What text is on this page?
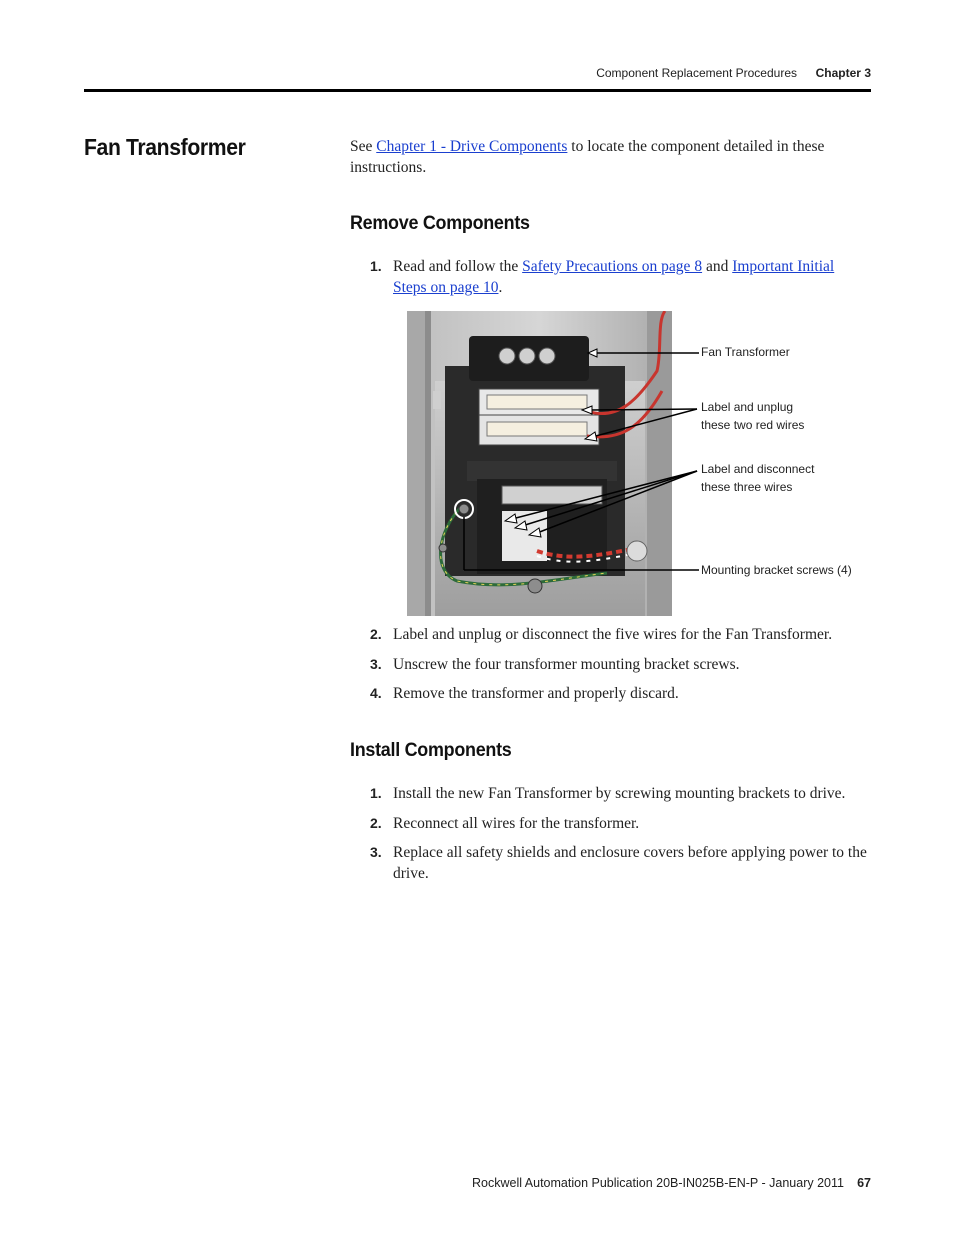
Component Replacement Procedures Chapter 3
Fan Transformer	See Chapter 1 - Drive Components to locate the component detailed in these instructions.
Remove Components
1. Read and follow the Safety Precautions on page 8 and Important Initial Steps on page 10.
Fan Transformer
Label and unplug
these two red wires
Label and disconnect
these three wires
Mounting bracket screws (4)
2. Label and unplug or disconnect the five wires for the Fan Transformer.
3. Unscrew the four transformer mounting bracket screws.
4. Remove the transformer and properly discard.
Install Components
1. Install the new Fan Transformer by screwing mounting brackets to drive.
2. Reconnect all wires for the transformer.
3. Replace all safety shields and enclosure covers before applying power to the drive.
Rockwell Automation Publication 20B-IN025B-EN-P - January 2011 67
